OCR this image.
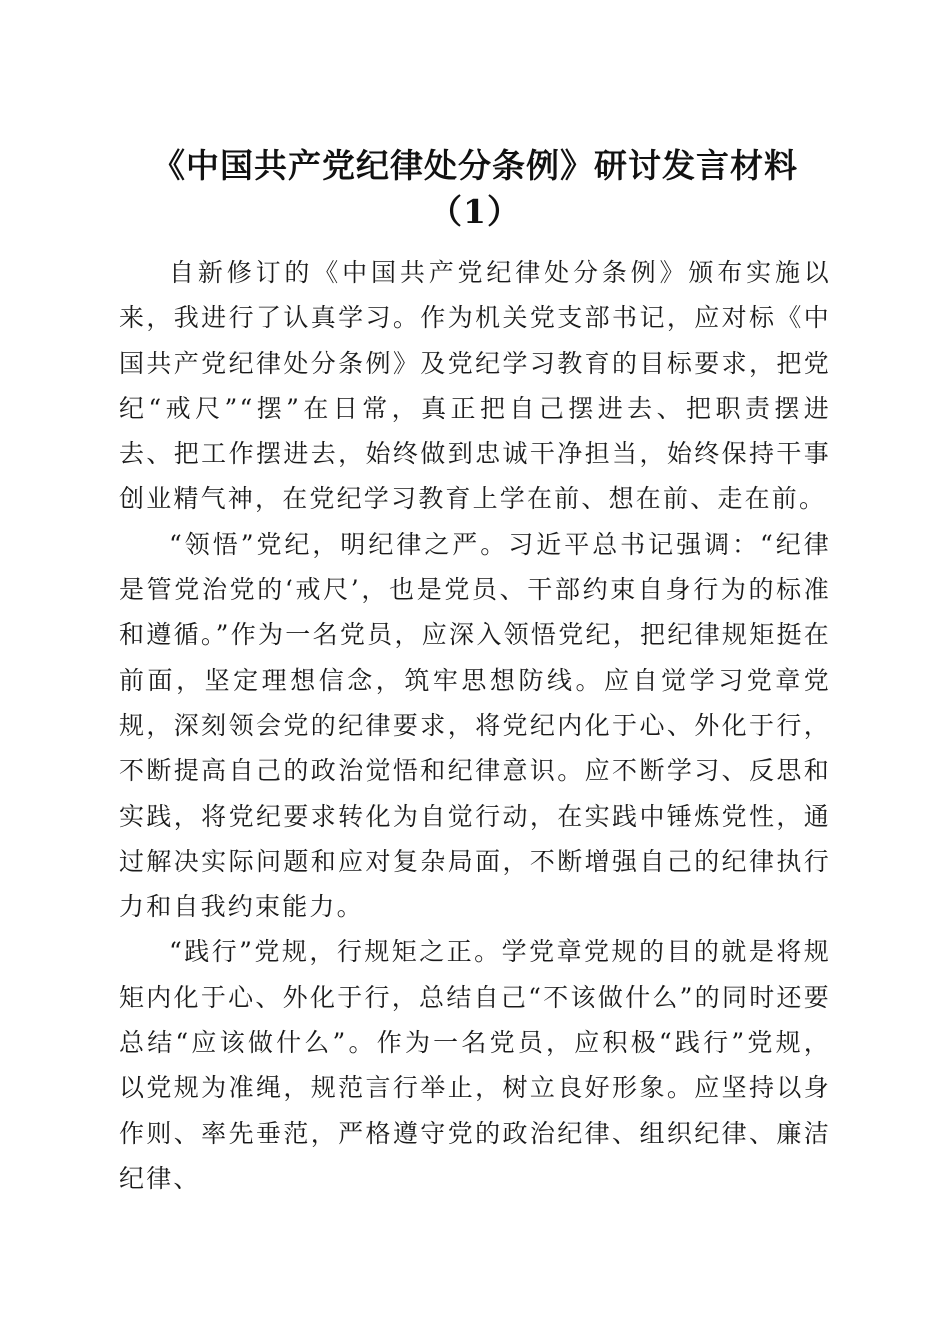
《中国共产党纪律处分条例》研讨发言材料
（1）

自新修订的《中国共产党纪律处分条例》颁布实施以来，我进行了认真学习。作为机关党支部书记，应对标《中国共产党纪律处分条例》及党纪学习教育的目标要求，把党纪“戒尺”“摆”在日常，真正把自己摆进去、把职责摆进去、把工作摆进去，始终做到忠诚干净担当，始终保持干事创业精气神，在党纪学习教育上学在前、想在前、走在前。

“领悟”党纪，明纪律之严。习近平总书记强调：“纪律是管党治党的‘戒尺’，也是党员、干部约束自身行为的标准和遵循。”作为一名党员，应深入领悟党纪，把纪律规矩挺在前面，坚定理想信念，筑牢思想防线。应自觉学习党章党规，深刻领会党的纪律要求，将党纪内化于心、外化于行，不断提高自己的政治觉悟和纪律意识。应不断学习、反思和实践，将党纪要求转化为自觉行动，在实践中锤炼党性，通过解决实际问题和应对复杂局面，不断增强自己的纪律执行力和自我约束能力。

“践行”党规，行规矩之正。学党章党规的目的就是将规矩内化于心、外化于行，总结自己“不该做什么”的同时还要总结“应该做什么”。作为一名党员，应积极“践行”党规，以党规为准绳，规范言行举止，树立良好形象。应坚持以身作则、率先垂范，严格遵守党的政治纪律、组织纪律、廉洁纪律、
